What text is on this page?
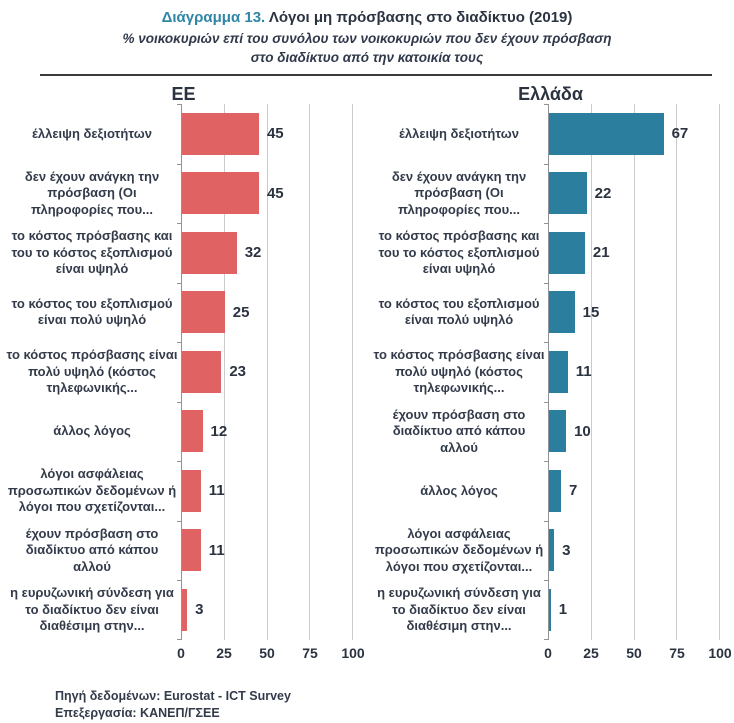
Διάγραμμα 13. Λόγοι μη πρόσβασης στο διαδίκτυο (2019)
% νοικοκυριών επί του συνόλου των νοικοκυριών που δεν έχουν πρόσβαση
στο διαδίκτυο από την κατοικία τους
ΕΕ
έλλειψη δεξιοτήτων
δεν έχουν ανάγκη την πρόσβαση (Οι πληροφορίες που...
το κόστος πρόσβασης και του το κόστος εξοπλισμού είναι υψηλό
το κόστος του εξοπλισμού είναι πολύ υψηλό
το κόστος πρόσβασης είναι πολύ υψηλό (κόστος τηλεφωνικής...
άλλος λόγος
λόγοι ασφάλειας προσωπικών δεδομένων ή λόγοι που σχετίζονται...
έχουν πρόσβαση στο διαδίκτυο από κάπου αλλού
η ευρυζωνική σύνδεση για το διαδίκτυο δεν είναι διαθέσιμη στην...
45
45
32
25
23
12
11
11
3
0 25 50 75 100
Ελλάδα
έλλειψη δεξιοτήτων
δεν έχουν ανάγκη την πρόσβαση (Οι πληροφορίες που...
το κόστος πρόσβασης και του το κόστος εξοπλισμού είναι υψηλό
το κόστος του εξοπλισμού είναι πολύ υψηλό
το κόστος πρόσβασης είναι πολύ υψηλό (κόστος τηλεφωνικής...
έχουν πρόσβαση στο διαδίκτυο από κάπου αλλού
άλλος λόγος
λόγοι ασφάλειας προσωπικών δεδομένων ή λόγοι που σχετίζονται...
η ευρυζωνική σύνδεση για το διαδίκτυο δεν είναι διαθέσιμη στην...
67
22
21
15
11
10
7
3
1
0 25 50 75 100
Πηγή δεδομένων: Eurostat - ICT Survey
Επεξεργασία: ΚΑΝΕΠ/ΓΣΕΕ
